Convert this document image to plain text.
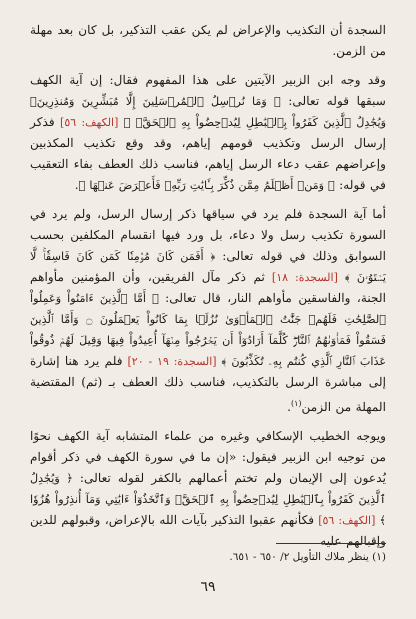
السجدة أن التكذيب والإعراض لم يكن عقب التذكير، بل كان بعد مهلة من الزمن.

وقد وجه ابن الزبير الآيتين على هذا المفهوم فقال: إن آية الكهف سبقها قوله تعالى: ﴿ وَمَا نُرۡسِلُ ٱلۡمُرۡسَلِينَ إِلَّا مُبَشِّرِينَ وَمُنذِرِينَۚ وَيُجَٰدِلُ ٱلَّذِينَ كَفَرُواْ بِٱلۡبَٰطِلِ لِيُدۡحِضُواْ بِهِ ٱلۡحَقَّۖ ﴾ [الكهف: ٥٦] فذكر إرسال الرسل وتكذيب قومهم إياهم، وقد وقع تكذيب المكذبين وإعراضهم عقب دعاء الرسل إياهم، فناسب ذلك العطف بفاء التعقيب في قوله: ﴿ وَمَنۡ أَظۡلَمُ مِمَّن ذُكِّرَ بِـَٔايَٰتِ رَبِّهِۦ فَأَعۡرَضَ عَنۡهَا ﴾.

أما آية السجدة فلم يرد في سياقها ذكر إرسال الرسل، ولم يرد في السورة تكذيب رسل ولا دعاء، بل ورد فيها انقسام المكلفين بحسب السوابق وذلك في قوله تعالى: ﴿ أَفَمَن كَانَ مُؤۡمِنٗا كَمَن كَانَ فَاسِقٗاۚ لَّا يَسۡتَوُۥنَ ﴾ [السجدة: ١٨] ثم ذكر مآل الفريقين، وأن المؤمنين مأواهم الجنة، والفاسقين مأواهم النار، قال تعالى: ﴿ أَمَّا ٱلَّذِينَ ءَامَنُواْ وَعَمِلُواْ ٱلصَّٰلِحَٰتِ فَلَهُمۡ جَنَّٰتُ ٱلۡمَأۡوَىٰ نُزُلَۢا بِمَا كَانُواْ يَعۡمَلُونَ ۝ وَأَمَّا ٱلَّذِينَ فَسَقُواْ فَمَأۡوَىٰهُمُ ٱلنَّارُۖ كُلَّمَآ أَرَادُوٓاْ أَن يَخۡرُجُواْ مِنۡهَآ أُعِيدُواْ فِيهَا وَقِيلَ لَهُمۡ ذُوقُواْ عَذَابَ ٱلنَّارِ ٱلَّذِي كُنتُم بِهِۦ تُكَذِّبُونَ ﴾ [السجدة: ١٩ - ٢٠] فلم يرد هنا إشارة إلى مباشرة الرسل بالتكذيب، فناسب ذلك العطف بـ (ثم) المقتضية المهلة من الزمن$^{(١)}$.

ويوجه الخطيب الإسكافي وغيره من علماء المتشابه آية الكهف نحوًا من توجيه ابن الزبير فيقول: «إن ما في سورة الكهف في ذكر أقوام يُدعون إلى الإيمان ولم تختم أعمالهم بالكفر لقوله تعالى: ﴿ وَيُجَٰدِلُ ٱلَّذِينَ كَفَرُواْ بِٱلۡبَٰطِلِ لِيُدۡحِضُواْ بِهِ ٱلۡحَقَّۖ وَٱتَّخَذُوٓاْ ءَايَٰتِي وَمَآ أُنذِرُواْ هُزُوٗا ﴾ [الكهف: ٥٦] فكأنهم عقبوا التذكير بآيات الله بالإعراض، وقبولهم للدين وإقبالهم عليه

(١) ينظر ملاك التأويل ٢/ ٦٥٠ - ٦٥١.

٦٩
